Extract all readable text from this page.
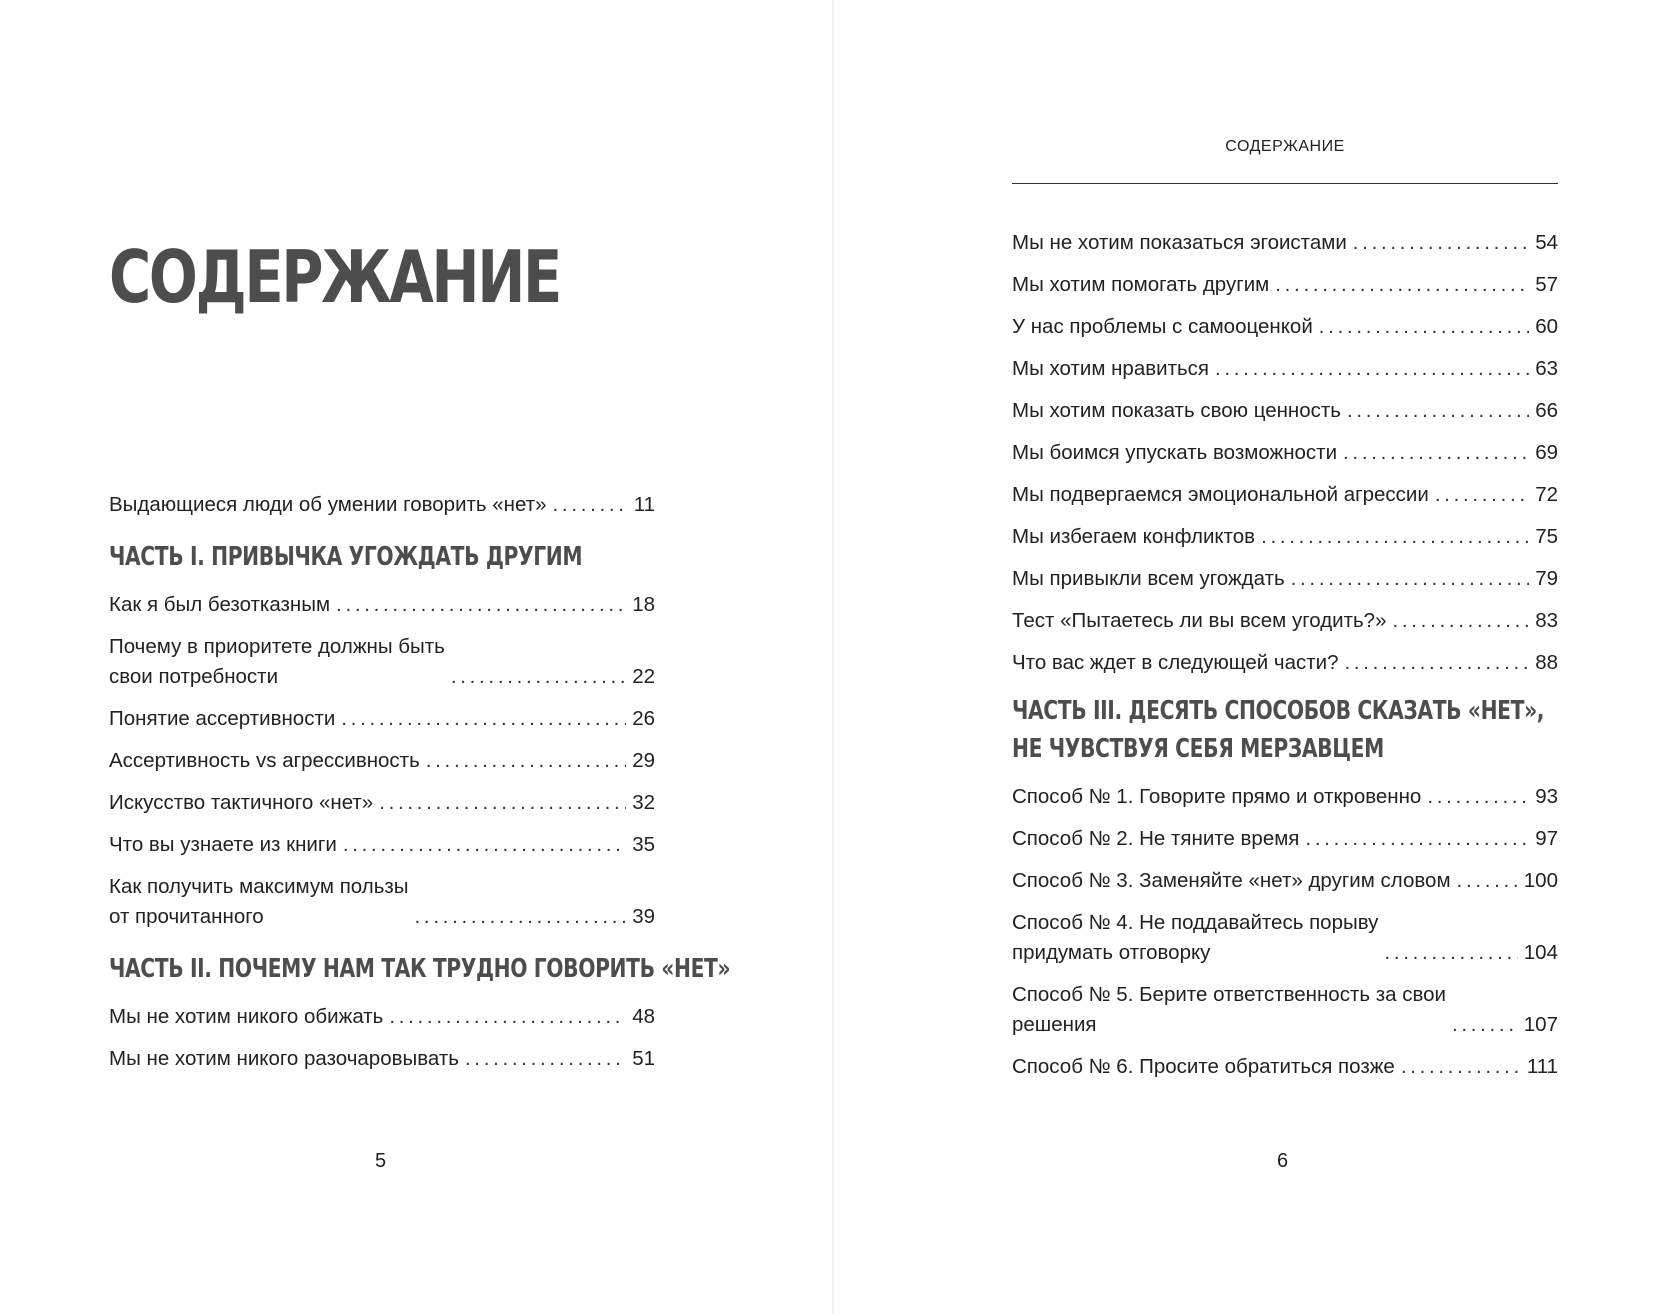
СОДЕРЖАНИЕ
Выдающиеся люди об умении говорить «нет» . . .	11
ЧАСТЬ I. ПРИВЫЧКА УГОЖДАТЬ ДРУГИМ
Как я был безотказным . . .	18
Почему в приоритете должны быть
свои потребности . . .	22
Понятие ассертивности . . .	26
Ассертивность vs агрессивность . . .	29
Искусство тактичного «нет» . . .	32
Что вы узнаете из книги . . .	35
Как получить максимум пользы
от прочитанного . . .	39
ЧАСТЬ II. ПОЧЕМУ НАМ ТАК ТРУДНО ГОВОРИТЬ «НЕТ»
Мы не хотим никого обижать . . .	48
Мы не хотим никого разочаровывать . . .	51
5
СОДЕРЖАНИЕ
Мы не хотим показаться эгоистами . . .	54
Мы хотим помогать другим . . .	57
У нас проблемы с самооценкой . . .	60
Мы хотим нравиться . . .	63
Мы хотим показать свою ценность . . .	66
Мы боимся упускать возможности . . .	69
Мы подвергаемся эмоциональной агрессии . . .	72
Мы избегаем конфликтов . . .	75
Мы привыкли всем угождать . . .	79
Тест «Пытаетесь ли вы всем угодить?» . . .	83
Что вас ждет в следующей части? . . .	88
ЧАСТЬ III. ДЕСЯТЬ СПОСОБОВ СКАЗАТЬ «НЕТ»,
НЕ ЧУВСТВУЯ СЕБЯ МЕРЗАВЦЕМ
Способ № 1. Говорите прямо и откровенно . . .	93
Способ № 2. Не тяните время . . .	97
Способ № 3. Заменяйте «нет» другим словом . . .	100
Способ № 4. Не поддавайтесь порыву
придумать отговорку . . .	104
Способ № 5. Берите ответственность за свои
решения . . .	107
Способ № 6. Просите обратиться позже . . .	111
6
